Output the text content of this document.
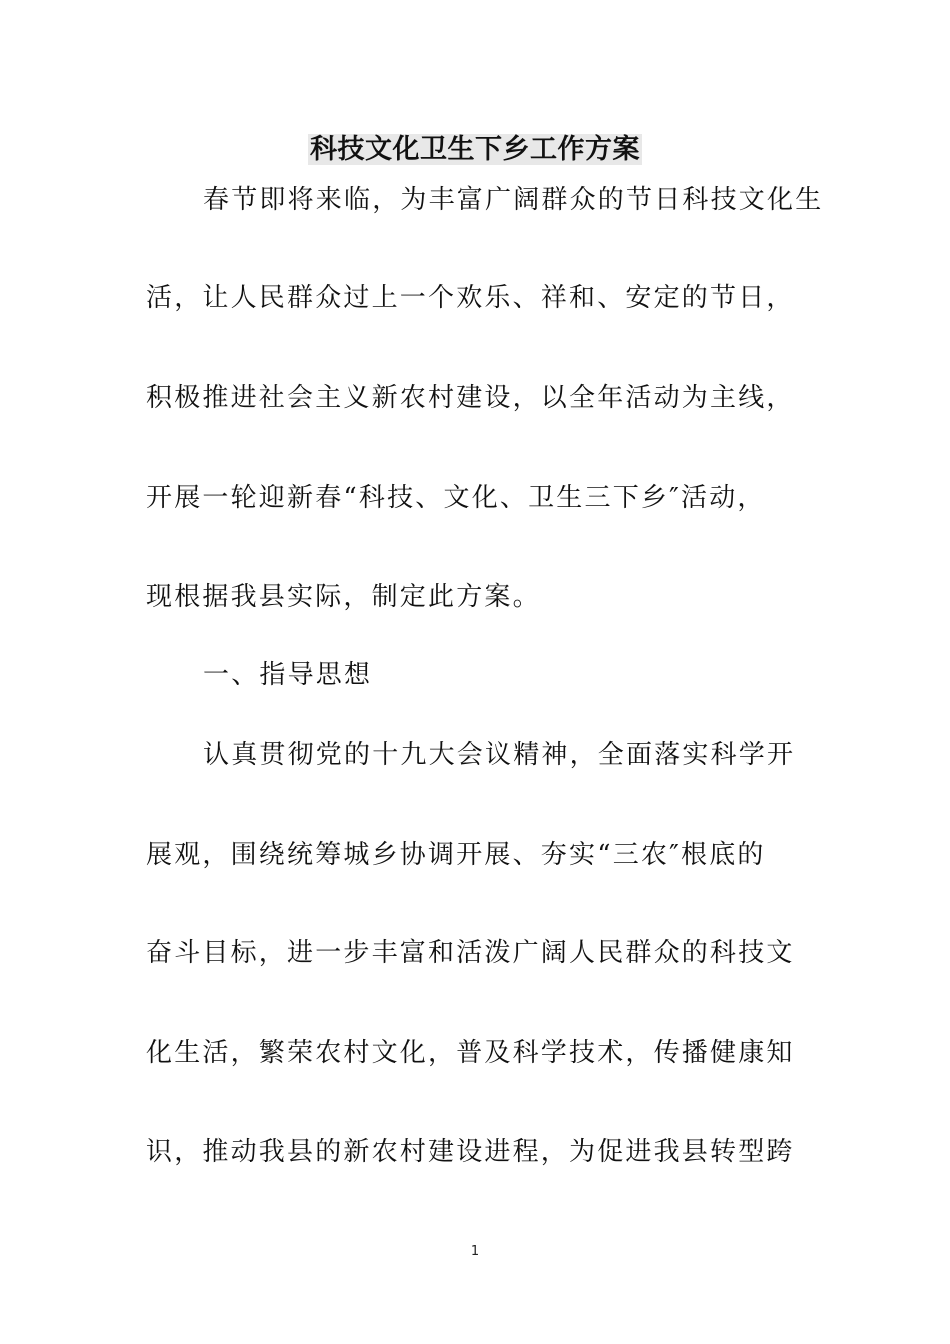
科技文化卫生下乡工作方案
春节即将来临，为丰富广阔群众的节日科技文化生
活，让人民群众过上一个欢乐、祥和、安定的节日，
积极推进社会主义新农村建设，以全年活动为主线，
开展一轮迎新春“科技、文化、卫生三下乡″活动，
现根据我县实际，制定此方案。
一、指导思想
认真贯彻党的十九大会议精神，全面落实科学开
展观，围绕统筹城乡协调开展、夯实“三农″根底的
奋斗目标，进一步丰富和活泼广阔人民群众的科技文
化生活，繁荣农村文化，普及科学技术，传播健康知
识，推动我县的新农村建设进程，为促进我县转型跨
1
